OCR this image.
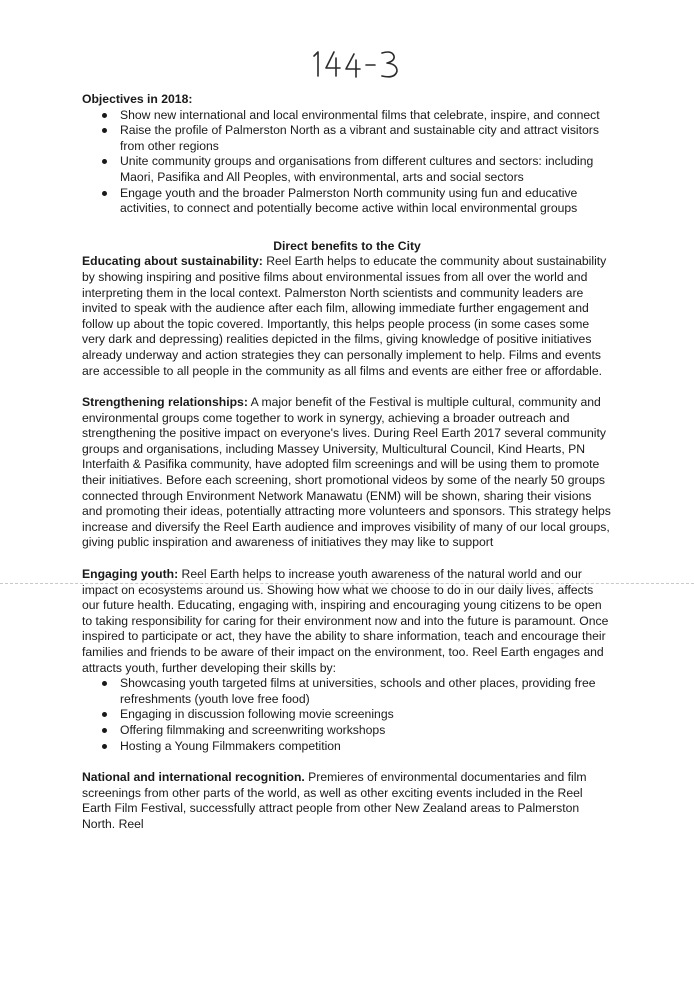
Objectives in 2018:

Show new international and local environmental films that celebrate, inspire, and connect
Raise the profile of Palmerston North as a vibrant and sustainable city and attract visitors from other regions
Unite community groups and organisations from different cultures and sectors: including Maori, Pasifika and All Peoples, with environmental, arts and social sectors
Engage youth and the broader Palmerston North community using fun and educative activities, to connect and potentially become active within local environmental groups

Direct benefits to the City

Educating about sustainability: Reel Earth helps to educate the community about sustainability by showing inspiring and positive films about environmental issues from all over the world and interpreting them in the local context. Palmerston North scientists and community leaders are invited to speak with the audience after each film, allowing immediate further engagement and follow up about the topic covered. Importantly, this helps people process (in some cases some very dark and depressing) realities depicted in the films, giving knowledge of positive initiatives already underway and action strategies they can personally implement to help. Films and events are accessible to all people in the community as all films and events are either free or affordable.

Strengthening relationships: A major benefit of the Festival is multiple cultural, community and environmental groups come together to work in synergy, achieving a broader outreach and strengthening the positive impact on everyone's lives. During Reel Earth 2017 several community groups and organisations, including Massey University, Multicultural Council, Kind Hearts, PN Interfaith & Pasifika community, have adopted film screenings and will be using them to promote their initiatives. Before each screening, short promotional videos by some of the nearly 50 groups connected through Environment Network Manawatu (ENM) will be shown, sharing their visions and promoting their ideas, potentially attracting more volunteers and sponsors. This strategy helps increase and diversify the Reel Earth audience and improves visibility of many of our local groups, giving public inspiration and awareness of initiatives they may like to support

Engaging youth: Reel Earth helps to increase youth awareness of the natural world and our impact on ecosystems around us. Showing how what we choose to do in our daily lives, affects our future health. Educating, engaging with, inspiring and encouraging young citizens to be open to taking responsibility for caring for their environment now and into the future is paramount. Once inspired to participate or act, they have the ability to share information, teach and encourage their families and friends to be aware of their impact on the environment, too. Reel Earth engages and attracts youth, further developing their skills by:

Showcasing youth targeted films at universities, schools and other places, providing free refreshments (youth love free food)
Engaging in discussion following movie screenings
Offering filmmaking and screenwriting workshops
Hosting a Young Filmmakers competition

National and international recognition. Premieres of environmental documentaries and film screenings from other parts of the world, as well as other exciting events included in the Reel Earth Film Festival, successfully attract people from other New Zealand areas to Palmerston North. Reel
